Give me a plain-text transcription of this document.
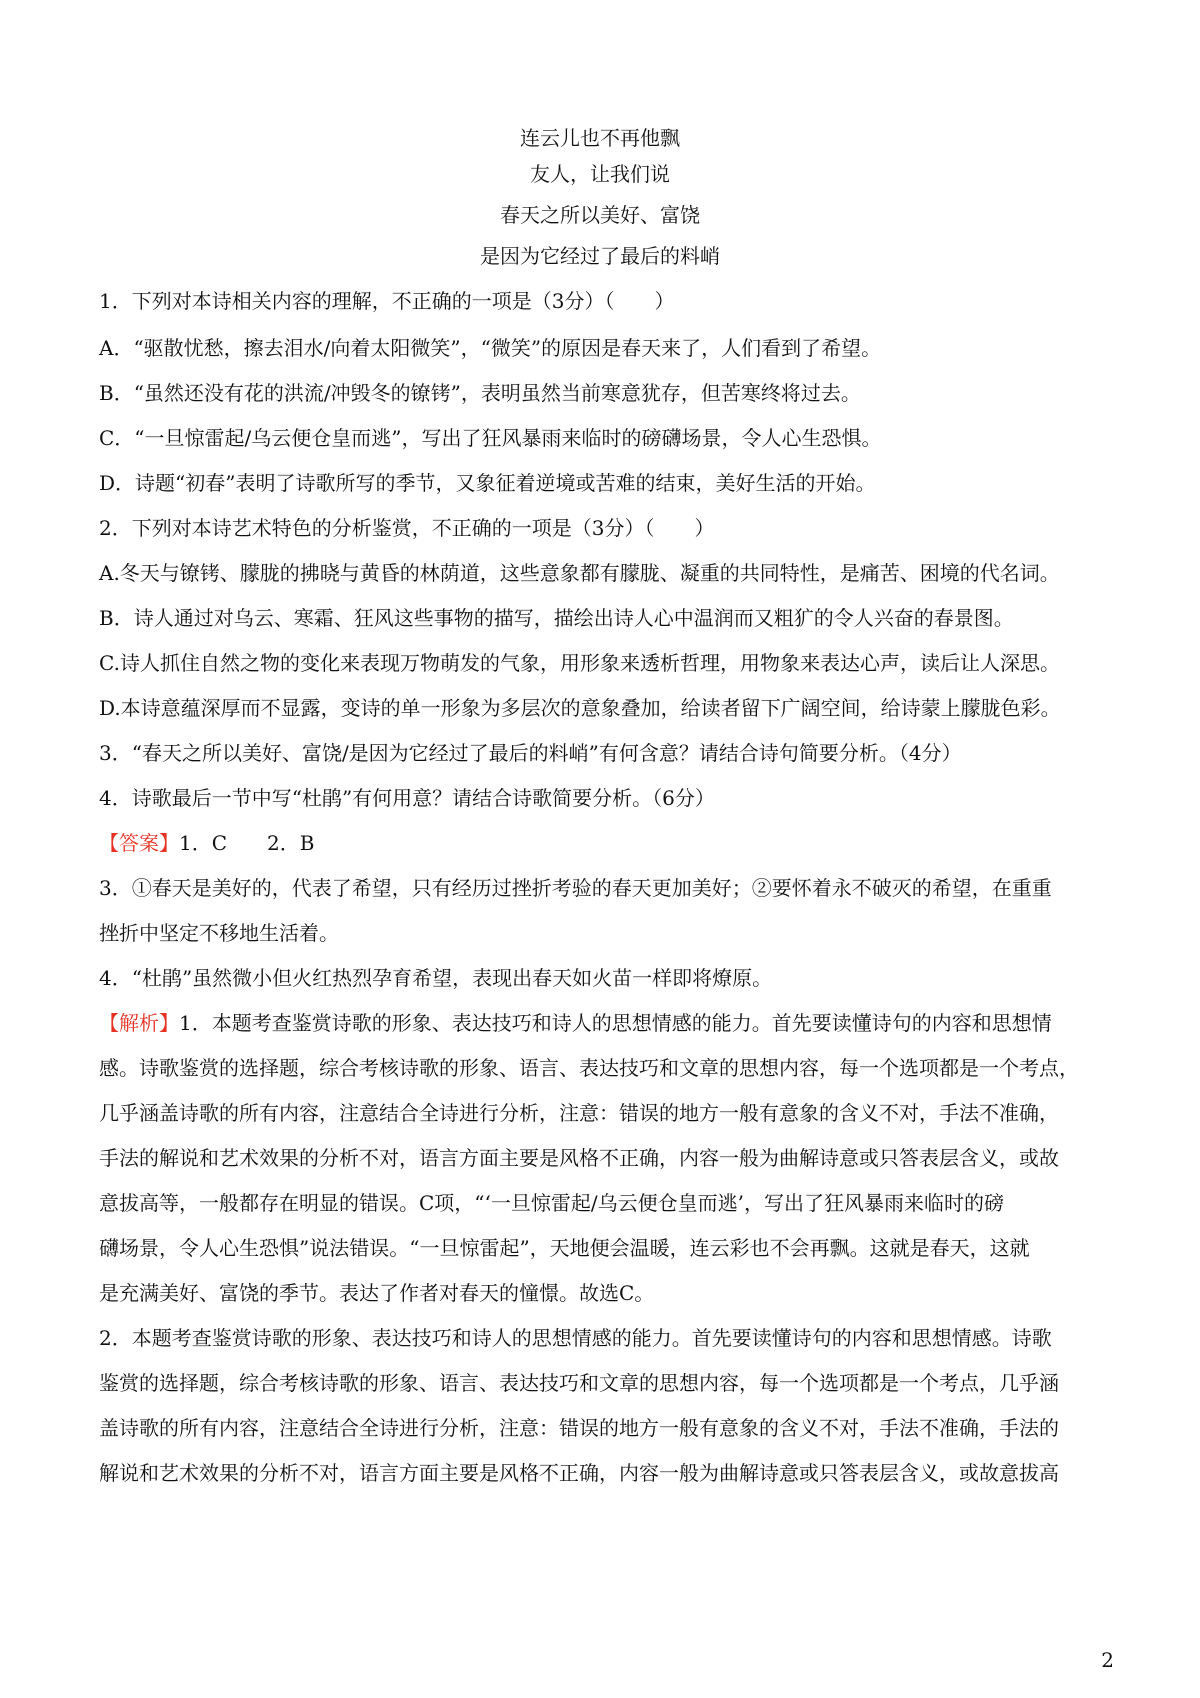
连云儿也不再他飘
友人，让我们说
春天之所以美好、富饶
是因为它经过了最后的料峭
1．下列对本诗相关内容的理解，不正确的一项是（3分）（　　）
A．“驱散忧愁，擦去泪水/向着太阳微笑”，“微笑”的原因是春天来了，人们看到了希望。
B．“虽然还没有花的洪流/冲毁冬的镣铐”，表明虽然当前寒意犹存，但苦寒终将过去。
C．“一旦惊雷起/乌云便仓皇而逃”，写出了狂风暴雨来临时的磅礴场景，令人心生恐惧。
D．诗题“初春”表明了诗歌所写的季节，又象征着逆境或苦难的结束，美好生活的开始。
2．下列对本诗艺术特色的分析鉴赏，不正确的一项是（3分）（　　）
A.冬天与镣铐、朦胧的拂晓与黄昏的林荫道，这些意象都有朦胧、凝重的共同特性，是痛苦、困境的代名词。
B．诗人通过对乌云、寒霜、狂风这些事物的描写，描绘出诗人心中温润而又粗犷的令人兴奋的春景图。
C.诗人抓住自然之物的变化来表现万物萌发的气象，用形象来透析哲理，用物象来表达心声，读后让人深思。
D.本诗意蕴深厚而不显露，变诗的单一形象为多层次的意象叠加，给读者留下广阔空间，给诗蒙上朦胧色彩。
3．“春天之所以美好、富饶/是因为它经过了最后的料峭”有何含意？请结合诗句简要分析。（4分）
4．诗歌最后一节中写“杜鹃”有何用意？请结合诗歌简要分析。（6分）
【答案】1．C　　2．B
3．①春天是美好的，代表了希望，只有经历过挫折考验的春天更加美好；②要怀着永不破灭的希望，在重重
挫折中坚定不移地生活着。
4．“杜鹃”虽然微小但火红热烈孕育希望，表现出春天如火苗一样即将燎原。
【解析】1．本题考查鉴赏诗歌的形象、表达技巧和诗人的思想情感的能力。首先要读懂诗句的内容和思想情
感。诗歌鉴赏的选择题，综合考核诗歌的形象、语言、表达技巧和文章的思想内容，每一个选项都是一个考点，
几乎涵盖诗歌的所有内容，注意结合全诗进行分析，注意：错误的地方一般有意象的含义不对，手法不准确，
手法的解说和艺术效果的分析不对，语言方面主要是风格不正确，内容一般为曲解诗意或只答表层含义，或故
意拔高等，一般都存在明显的错误。C项，“‘一旦惊雷起/乌云便仓皇而逃’，写出了狂风暴雨来临时的磅
礴场景，令人心生恐惧”说法错误。“一旦惊雷起”，天地便会温暖，连云彩也不会再飘。这就是春天，这就
是充满美好、富饶的季节。表达了作者对春天的憧憬。故选C。
2．本题考查鉴赏诗歌的形象、表达技巧和诗人的思想情感的能力。首先要读懂诗句的内容和思想情感。诗歌
鉴赏的选择题，综合考核诗歌的形象、语言、表达技巧和文章的思想内容，每一个选项都是一个考点，几乎涵
盖诗歌的所有内容，注意结合全诗进行分析，注意：错误的地方一般有意象的含义不对，手法不准确，手法的
解说和艺术效果的分析不对，语言方面主要是风格不正确，内容一般为曲解诗意或只答表层含义，或故意拔高
2
